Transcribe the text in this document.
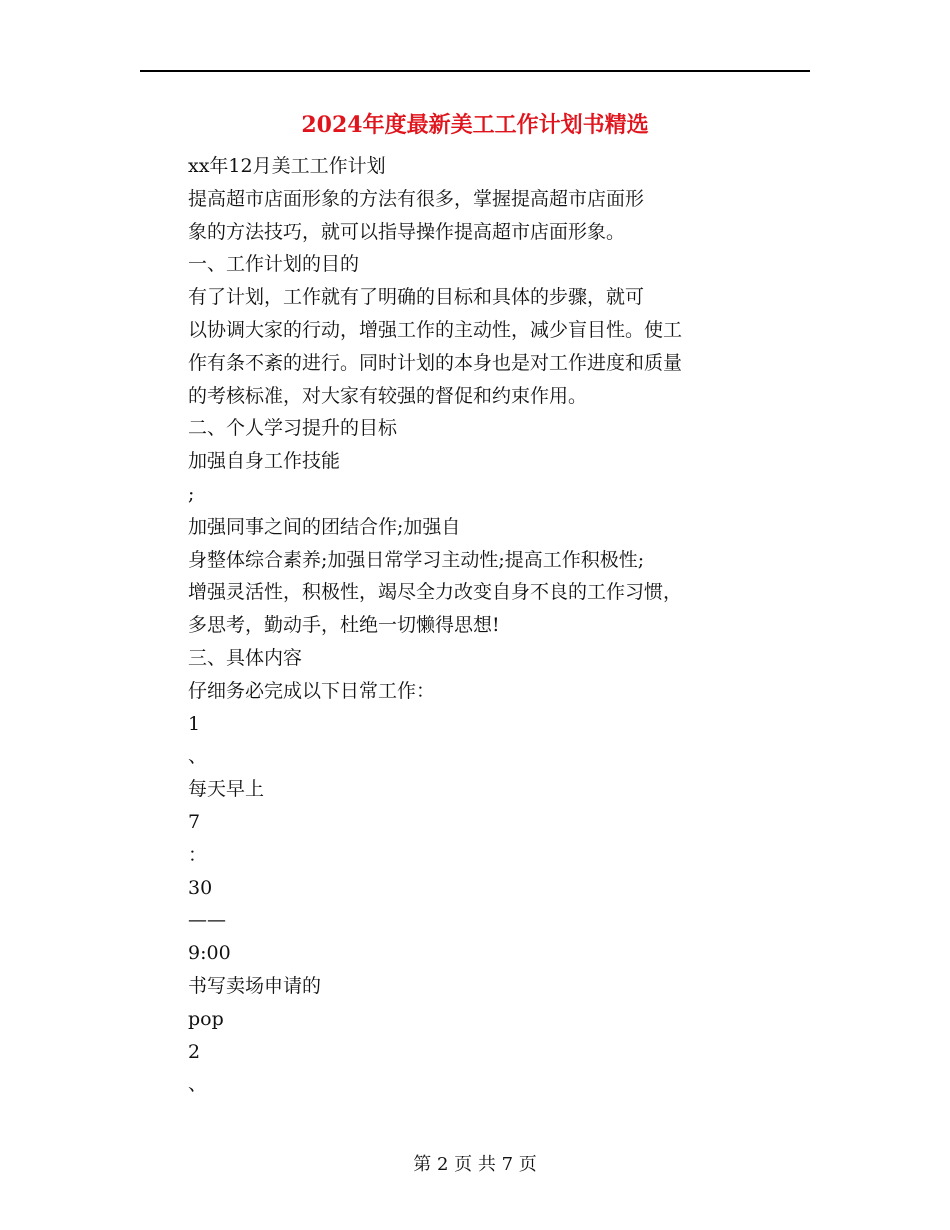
2024年度最新美工工作计划书精选
xx年12月美工工作计划
提高超市店面形象的方法有很多，掌握提高超市店面形
象的方法技巧，就可以指导操作提高超市店面形象。
一、工作计划的目的
有了计划，工作就有了明确的目标和具体的步骤，就可
以协调大家的行动，增强工作的主动性，减少盲目性。使工
作有条不紊的进行。同时计划的本身也是对工作进度和质量
的考核标准，对大家有较强的督促和约束作用。
二、个人学习提升的目标
加强自身工作技能
;
加强同事之间的团结合作;加强自
身整体综合素养;加强日常学习主动性;提高工作积极性;
增强灵活性，积极性，竭尽全力改变自身不良的工作习惯，
多思考，勤动手，杜绝一切懒得思想!
三、具体内容
仔细务必完成以下日常工作：
1
、
每天早上
7
：
30
——
9:00
书写卖场申请的
pop
2
、
第 2 页 共 7 页
